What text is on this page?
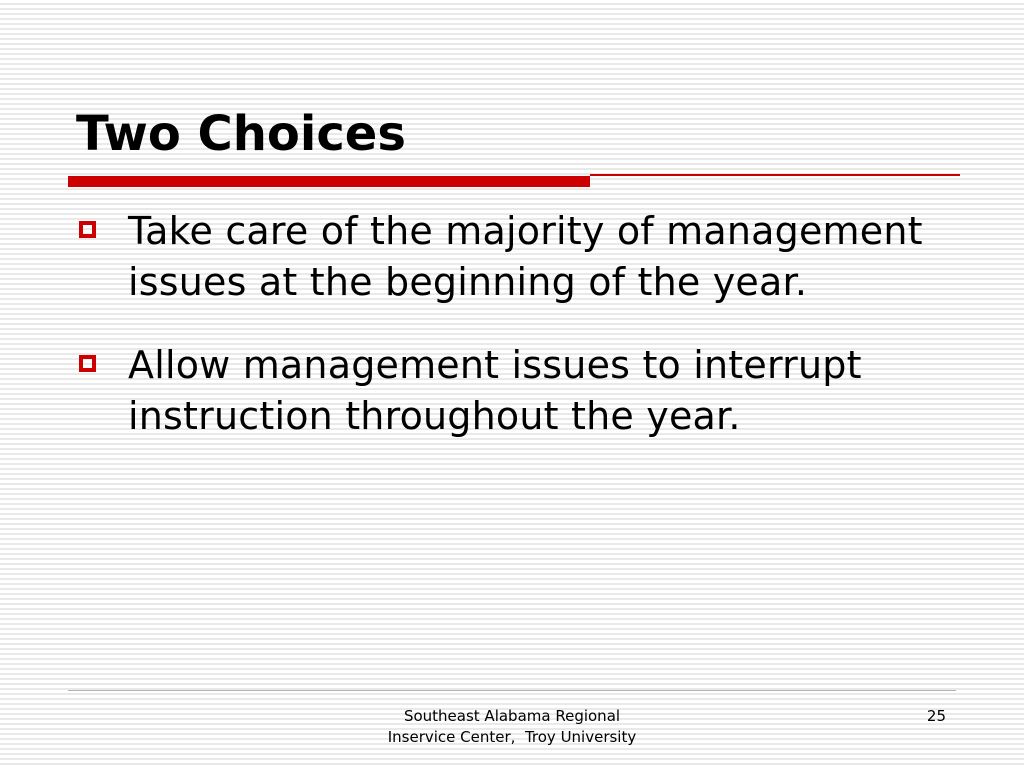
Two Choices
Take care of the majority of management issues at the beginning of the year.
Allow management issues to interrupt instruction throughout the year.
Southeast Alabama Regional
Inservice Center,  Troy University
25
